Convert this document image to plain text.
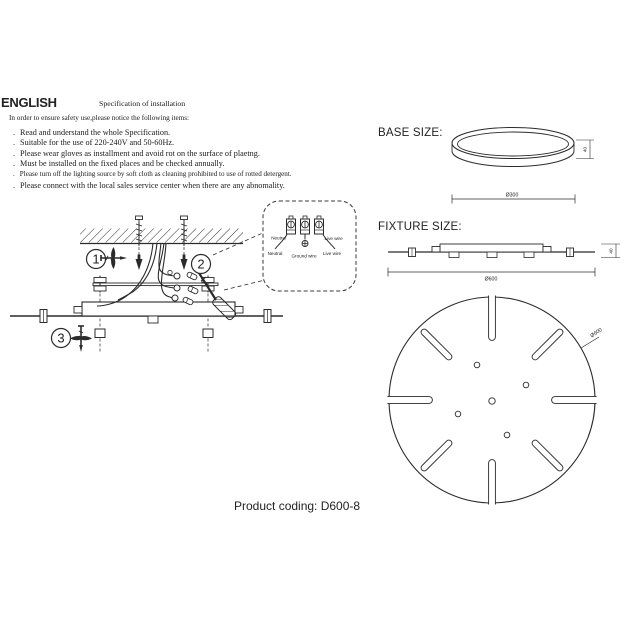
1	2
3
Neutral	Live wire
Neutral Ground wire Live wire
40
Ø300
40
Ø600
Ø600
ENGLISH	Specification of installation
In order to ensure safety use,please notice the following items:
. Read and understand the whole Specification.
. Suitable for the use of 220-240V and 50-60Hz.
. Please wear gloves as installment and avoid rot on the surface of plaetng.
. Must be installed on the fixed places and be checked annually.
. Please turn off the lighting source by soft cloth as cleaning prohibited to use of rotted detergent.
. Please connect with the local sales service center when there are any abnomality.
BASE SIZE:
FIXTURE SIZE:
Product coding: D600-8
